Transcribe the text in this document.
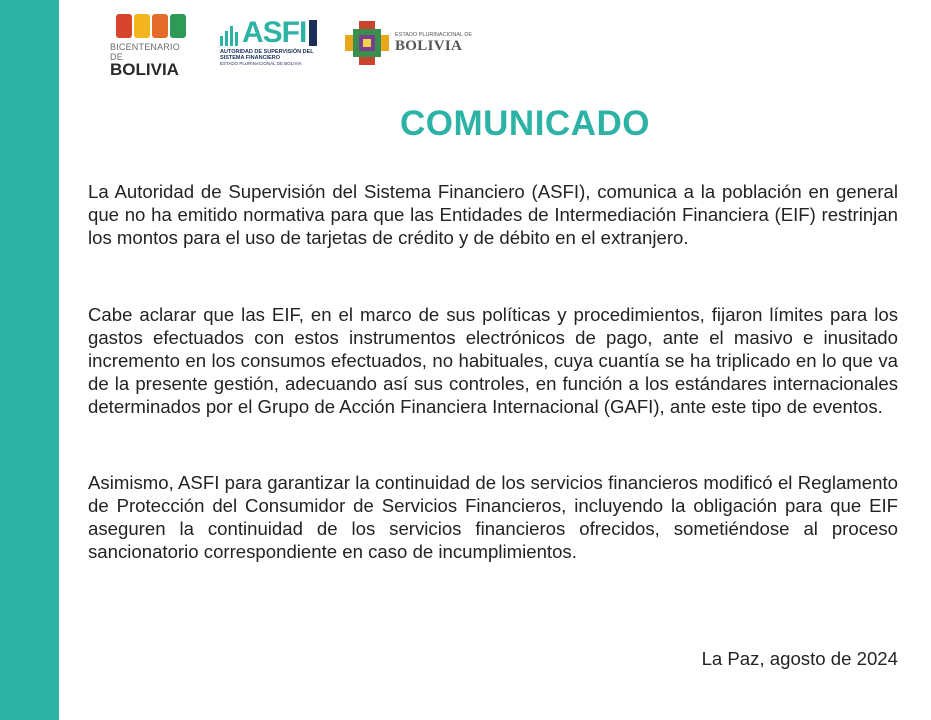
BICENTENARIO DE
BOLIVIA
ASFI
AUTORIDAD DE SUPERVISIÓN DEL SISTEMA FINANCIERO
ESTADO PLURINACIONAL DE BOLIVIA
ESTADO PLURINACIONAL DE
BOLIVIA
COMUNICADO

La Autoridad de Supervisión del Sistema Financiero (ASFI), comunica a la población en general que no ha emitido normativa para que las Entidades de Intermediación Financiera (EIF) restrinjan los montos para el uso de tarjetas de crédito y de débito en el extranjero.

Cabe aclarar que las EIF, en el marco de sus políticas y procedimientos, fijaron límites para los gastos efectuados con estos instrumentos electrónicos de pago, ante el masivo e inusitado incremento en los consumos efectuados, no habituales, cuya cuantía se ha triplicado en lo que va de la presente gestión, adecuando así sus controles, en función a los estándares internacionales determinados por el Grupo de Acción Financiera Internacional (GAFI), ante este tipo de eventos.

Asimismo, ASFI para garantizar la continuidad de los servicios financieros modificó el Reglamento de Protección del Consumidor de Servicios Financieros, incluyendo la obligación para que EIF aseguren la continuidad de los servicios financieros ofrecidos, sometiéndose al proceso sancionatorio correspondiente en caso de incumplimientos.

La Paz, agosto de 2024
